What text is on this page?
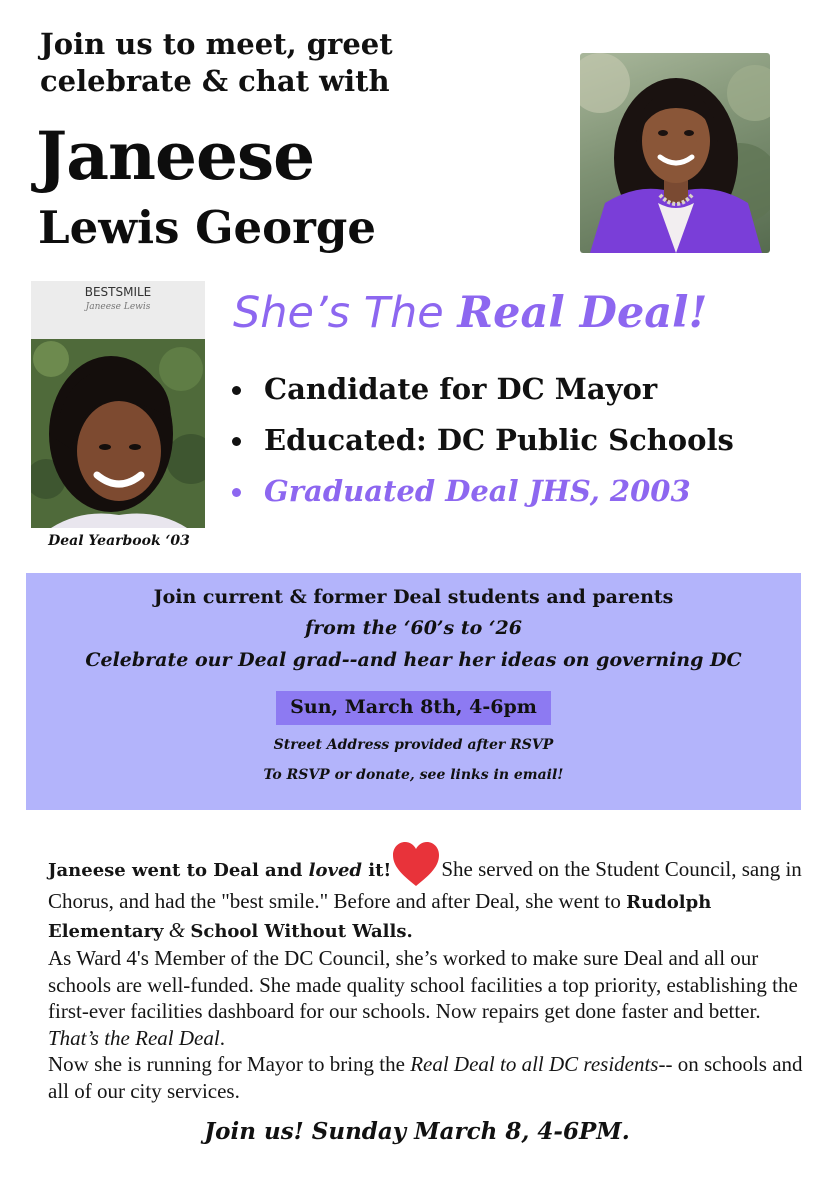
Join us to meet, greet
celebrate & chat with
Janeese
Lewis George
BESTSMILE
Janeese Lewis
Deal Yearbook ‘03
She’s The Real Deal!
Candidate for DC Mayor
Educated: DC Public Schools
Graduated Deal JHS, 2003
Join current & former Deal students and parents
from the ‘60’s to ‘26
Celebrate our Deal grad--and hear her ideas on governing DC
Sun, March 8th, 4-6pm
Street Address provided after RSVP
To RSVP or donate, see links in email!

Janeese went to Deal and loved it! She served on the Student Council, sang in Chorus, and had the "best smile." Before and after Deal, she went to Rudolph Elementary & School Without Walls.

As Ward 4's Member of the DC Council, she’s worked to make sure Deal and all our schools are well-funded. She made quality school facilities a top priority, establishing the first-ever facilities dashboard for our schools. Now repairs get done faster and better. That’s the Real Deal.

Now she is running for Mayor to bring the Real Deal to all DC residents-- on schools and all of our city services.

Join us! Sunday March 8, 4-6PM.
